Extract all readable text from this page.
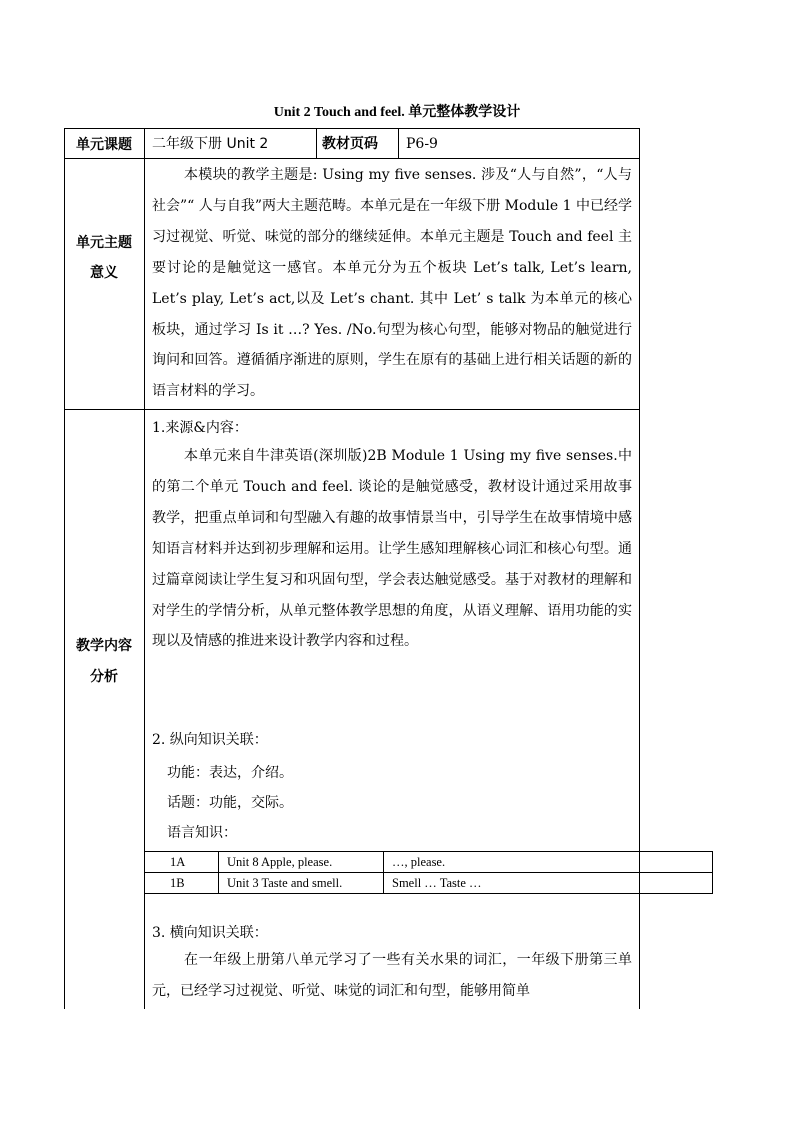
Unit 2 Touch and feel. 单元整体教学设计
单元课题	二年级下册 Unit 2	教材页码 P6-9
单元主题
意义

本模块的教学主题是: Using my five senses. 涉及“人与自然”，“人与社会”“ 人与自我”两大主题范畴。本单元是在一年级下册 Module 1 中已经学习过视觉、听觉、味觉的部分的继续延伸。本单元主题是 Touch and feel 主要讨论的是触觉这一感官。本单元分为五个板块 Let’s talk, Let’s learn, Let’s play, Let’s act,以及 Let’s chant. 其中 Let’ s talk 为本单元的核心板块，通过学习 Is it …? Yes. /No.句型为核心句型，能够对物品的触觉进行询问和回答。遵循循序渐进的原则，学生在原有的基础上进行相关话题的新的语言材料的学习。

教学内容
分析
1.来源&内容：

本单元来自牛津英语(深圳版)2B Module 1 Using my five senses.中的第二个单元 Touch and feel. 谈论的是触觉感受，教材设计通过采用故事教学，把重点单词和句型融入有趣的故事情景当中，引导学生在故事情境中感知语言材料并达到初步理解和运用。让学生感知理解核心词汇和核心句型。通过篇章阅读让学生复习和巩固句型，学会表达触觉感受。基于对教材的理解和对学生的学情分析，从单元整体教学思想的角度，从语义理解、语用功能的实现以及情感的推进来设计教学内容和过程。

2. 纵向知识关联：
功能：表达，介绍。
话题：功能，交际。
语言知识：
1A	Unit 8 Apple, please.	…, please.
1B	Unit 3 Taste and smell.	Smell … Taste …
3. 横向知识关联：

在一年级上册第八单元学习了一些有关水果的词汇，一年级下册第三单元，已经学习过视觉、听觉、味觉的词汇和句型，能够用简单
